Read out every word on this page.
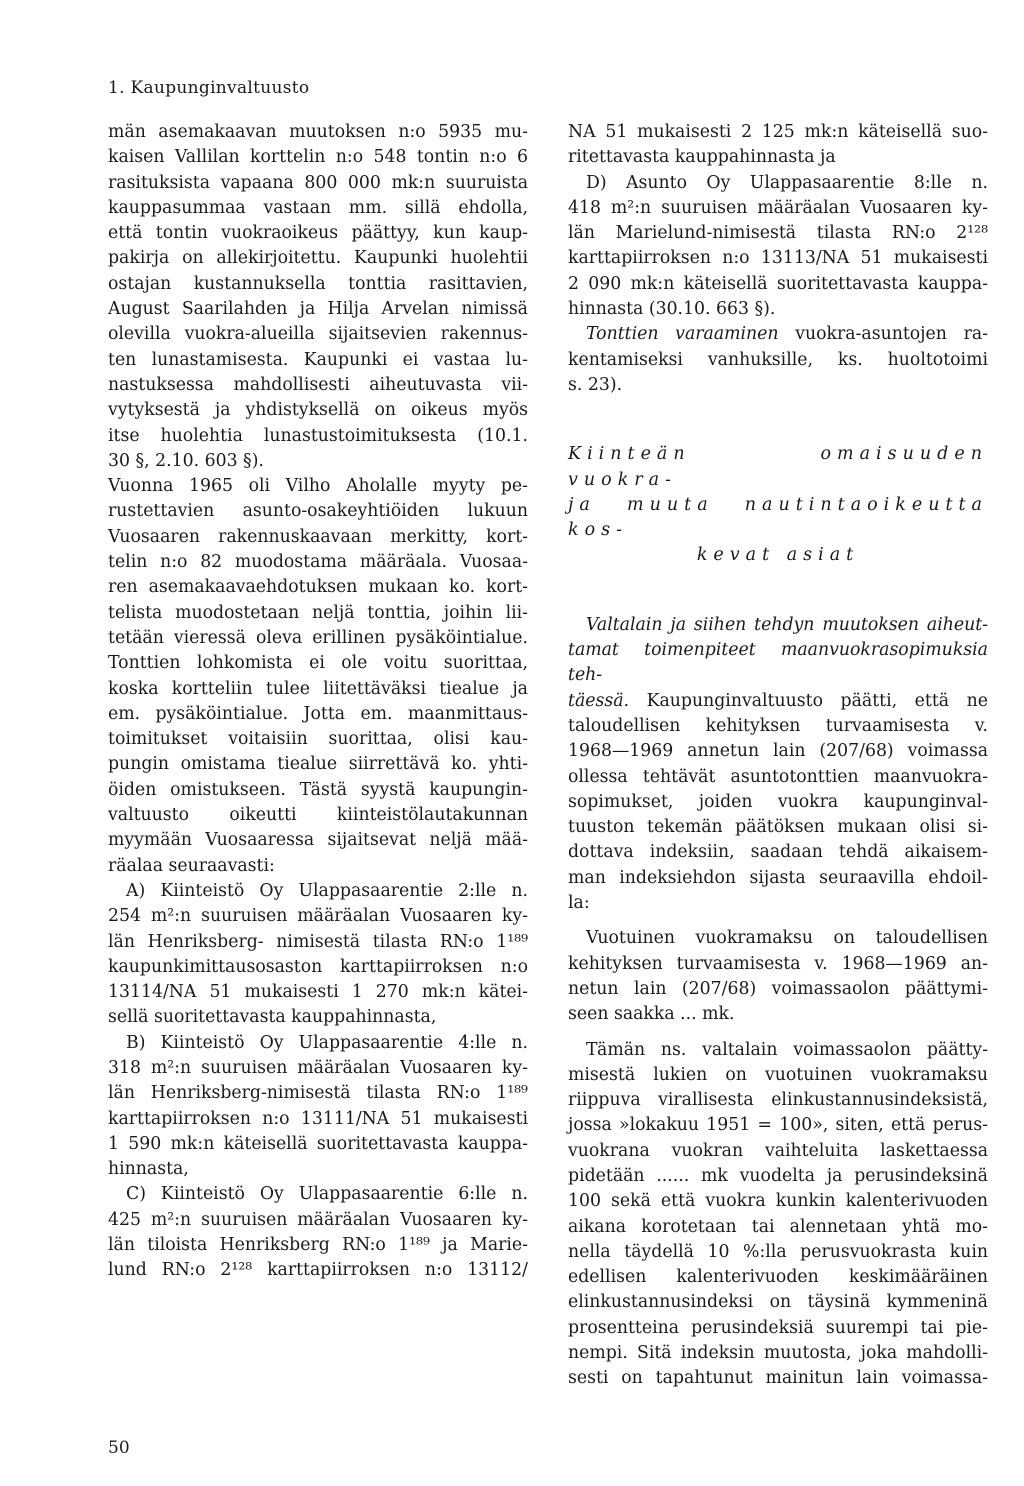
1. Kaupunginvaltuusto
män asemakaavan muutoksen n:o 5935 mu-
kaisen Vallilan korttelin n:o 548 tontin n:o 6
rasituksista vapaana 800 000 mk:n suuruista
kauppasummaa vastaan mm. sillä ehdolla,
että tontin vuokraoikeus päättyy, kun kaup-
pakirja on allekirjoitettu. Kaupunki huolehtii
ostajan kustannuksella tonttia rasittavien,
August Saarilahden ja Hilja Arvelan nimissä
olevilla vuokra-alueilla sijaitsevien rakennus-
ten lunastamisesta. Kaupunki ei vastaa lu-
nastuksessa mahdollisesti aiheutuvasta vii-
vytyksestä ja yhdistyksellä on oikeus myös
itse huolehtia lunastustoimituksesta (10.1.
30 §, 2.10. 603 §).
Vuonna 1965 oli Vilho Aholalle myyty pe-
rustettavien asunto-osakeyhtiöiden lukuun
Vuosaaren rakennuskaavaan merkitty, kort-
telin n:o 82 muodostama määräala. Vuosaa-
ren asemakaavaehdotuksen mukaan ko. kort-
telista muodostetaan neljä tonttia, joihin lii-
tetään vieressä oleva erillinen pysäköintialue.
Tonttien lohkomista ei ole voitu suorittaa,
koska kortteliin tulee liitettäväksi tiealue ja
em. pysäköintialue. Jotta em. maanmittaus-
toimitukset voitaisiin suorittaa, olisi kau-
pungin omistama tiealue siirrettävä ko. yhti-
öiden omistukseen. Tästä syystä kaupungin-
valtuusto oikeutti kiinteistölautakunnan
myymään Vuosaaressa sijaitsevat neljä mää-
räalaa seuraavasti:
A) Kiinteistö Oy Ulappasaarentie 2:lle n.
254 m²:n suuruisen määräalan Vuosaaren ky-
län Henriksberg- nimisestä tilasta RN:o 1¹⁸⁹
kaupunkimittausosaston karttapiirroksen n:o
13114/NA 51 mukaisesti 1 270 mk:n kätei-
sellä suoritettavasta kauppahinnasta,
B) Kiinteistö Oy Ulappasaarentie 4:lle n.
318 m²:n suuruisen määräalan Vuosaaren ky-
län Henriksberg-nimisestä tilasta RN:o 1¹⁸⁹
karttapiirroksen n:o 13111/NA 51 mukaisesti
1 590 mk:n käteisellä suoritettavasta kauppa-
hinnasta,
C) Kiinteistö Oy Ulappasaarentie 6:lle n.
425 m²:n suuruisen määräalan Vuosaaren ky-
län tiloista Henriksberg RN:o 1¹⁸⁹ ja Marie-
lund RN:o 2¹²⁸ karttapiirroksen n:o 13112/
NA 51 mukaisesti 2 125 mk:n käteisellä suo-
ritettavasta kauppahinnasta ja
D) Asunto Oy Ulappasaarentie 8:lle n.
418 m²:n suuruisen määräalan Vuosaaren ky-
län Marielund-nimisestä tilasta RN:o 2¹²⁸
karttapiirroksen n:o 13113/NA 51 mukaisesti
2 090 mk:n käteisellä suoritettavasta kauppa-
hinnasta (30.10. 663 §).
Tonttien varaaminen vuokra-asuntojen ra-
kentamiseksi vanhuksille, ks. huoltotoimi
s. 23).
Kiinteän omaisuuden vuokra-
ja muuta nautintaoikeutta kos-
kevat asiat
Valtalain ja siihen tehdyn muutoksen aiheut-
tamat toimenpiteet maanvuokrasopimuksia teh-
täessä. Kaupunginvaltuusto päätti, että ne
taloudellisen kehityksen turvaamisesta v.
1968—1969 annetun lain (207/68) voimassa
ollessa tehtävät asuntotonttien maanvuokra-
sopimukset, joiden vuokra kaupunginval-
tuuston tekemän päätöksen mukaan olisi si-
dottava indeksiin, saadaan tehdä aikaisem-
man indeksiehdon sijasta seuraavilla ehdoil-
la:
Vuotuinen vuokramaksu on taloudellisen
kehityksen turvaamisesta v. 1968—1969 an-
netun lain (207/68) voimassaolon päättymi-
seen saakka ... mk.
Tämän ns. valtalain voimassaolon päätty-
misestä lukien on vuotuinen vuokramaksu
riippuva virallisesta elinkustannusindeksistä,
jossa »lokakuu 1951 = 100», siten, että perus-
vuokrana vuokran vaihteluita laskettaessa
pidetään ...... mk vuodelta ja perusindeksinä
100 sekä että vuokra kunkin kalenterivuoden
aikana korotetaan tai alennetaan yhtä mo-
nella täydellä 10 %:lla perusvuokrasta kuin
edellisen kalenterivuoden keskimääräinen
elinkustannusindeksi on täysinä kymmeninä
prosentteina perusindeksiä suurempi tai pie-
nempi. Sitä indeksin muutosta, joka mahdolli-
sesti on tapahtunut mainitun lain voimassa-
50
